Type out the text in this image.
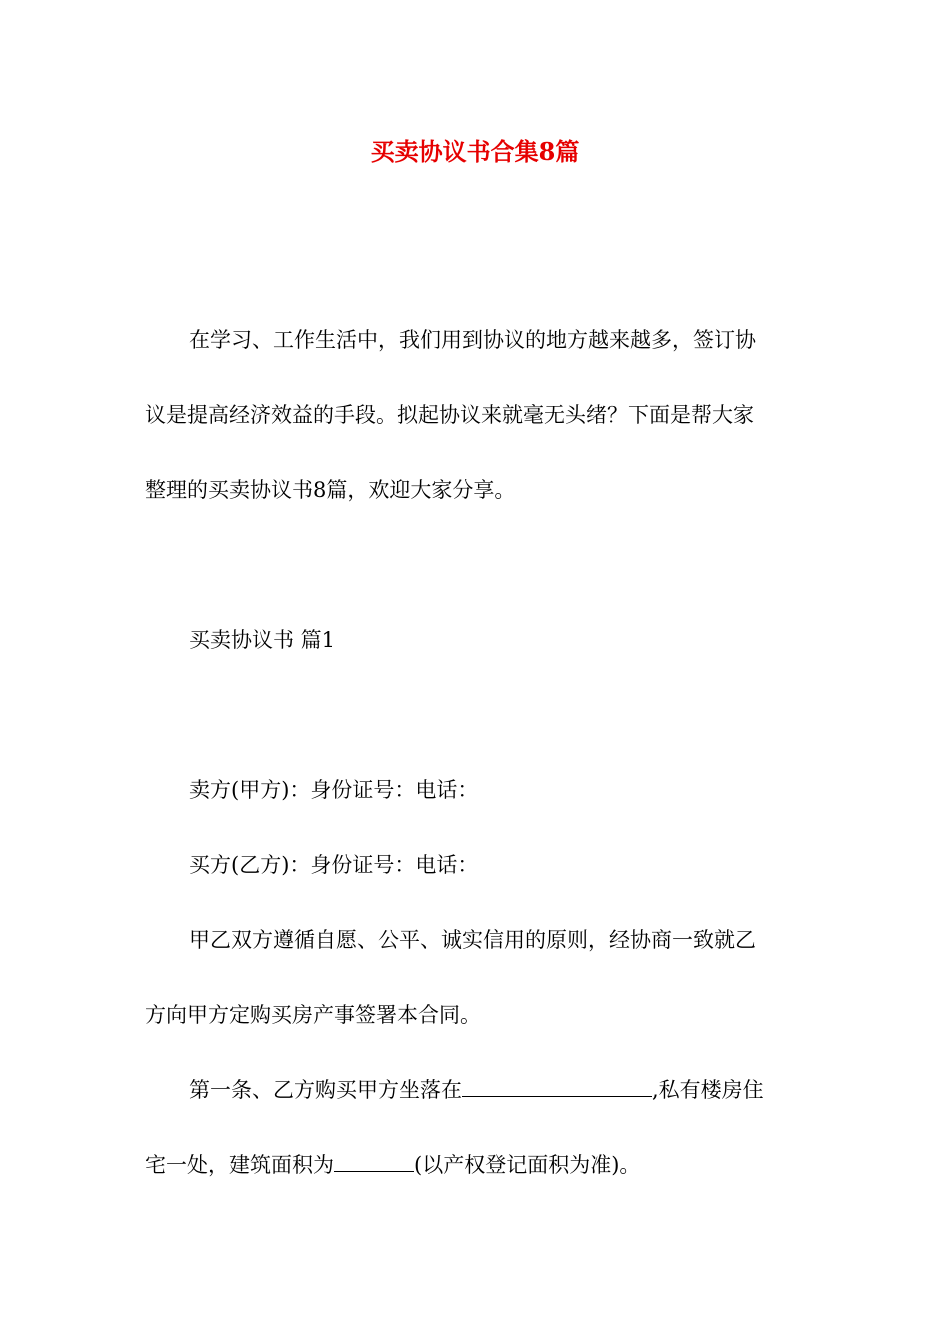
买卖协议书合集8篇

在学习、工作生活中，我们用到协议的地方越来越多，签订协

议是提高经济效益的手段。拟起协议来就毫无头绪？下面是帮大家

整理的买卖协议书8篇，欢迎大家分享。

买卖协议书 篇1

卖方(甲方)：身份证号：电话：

买方(乙方)：身份证号：电话：

甲乙双方遵循自愿、公平、诚实信用的原则，经协商一致就乙

方向甲方定购买房产事签署本合同。

第一条、乙方购买甲方坐落在	,私有楼房住

宅一处，建筑面积为	(以产权登记面积为准)。
